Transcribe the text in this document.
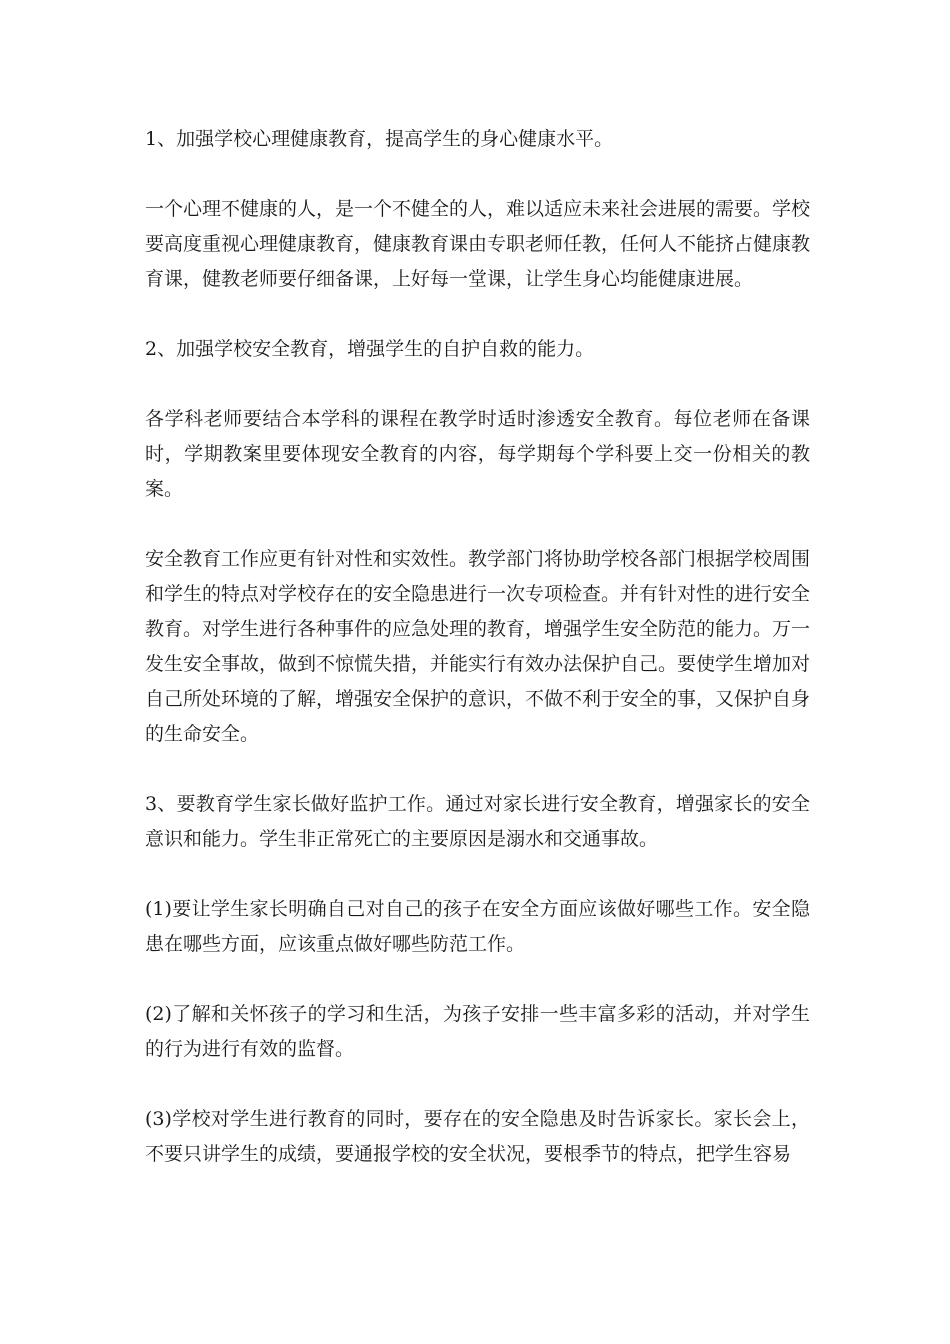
1、加强学校心理健康教育，提高学生的身心健康水平。

一个心理不健康的人，是一个不健全的人，难以适应未来社会进展的需要。学校要高度重视心理健康教育，健康教育课由专职老师任教，任何人不能挤占健康教育课，健教老师要仔细备课，上好每一堂课，让学生身心均能健康进展。

2、加强学校安全教育，增强学生的自护自救的能力。

各学科老师要结合本学科的课程在教学时适时渗透安全教育。每位老师在备课时，学期教案里要体现安全教育的内容，每学期每个学科要上交一份相关的教案。

安全教育工作应更有针对性和实效性。教学部门将协助学校各部门根据学校周围和学生的特点对学校存在的安全隐患进行一次专项检查。并有针对性的进行安全教育。对学生进行各种事件的应急处理的教育，增强学生安全防范的能力。万一发生安全事故，做到不惊慌失措，并能实行有效办法保护自己。要使学生增加对自己所处环境的了解，增强安全保护的意识，不做不利于安全的事，又保护自身的生命安全。

3、要教育学生家长做好监护工作。通过对家长进行安全教育，增强家长的安全意识和能力。学生非正常死亡的主要原因是溺水和交通事故。

(1)要让学生家长明确自己对自己的孩子在安全方面应该做好哪些工作。安全隐患在哪些方面，应该重点做好哪些防范工作。

(2)了解和关怀孩子的学习和生活，为孩子安排一些丰富多彩的活动，并对学生的行为进行有效的监督。

(3)学校对学生进行教育的同时，要存在的安全隐患及时告诉家长。家长会上，不要只讲学生的成绩，要通报学校的安全状况，要根季节的特点，把学生容易
